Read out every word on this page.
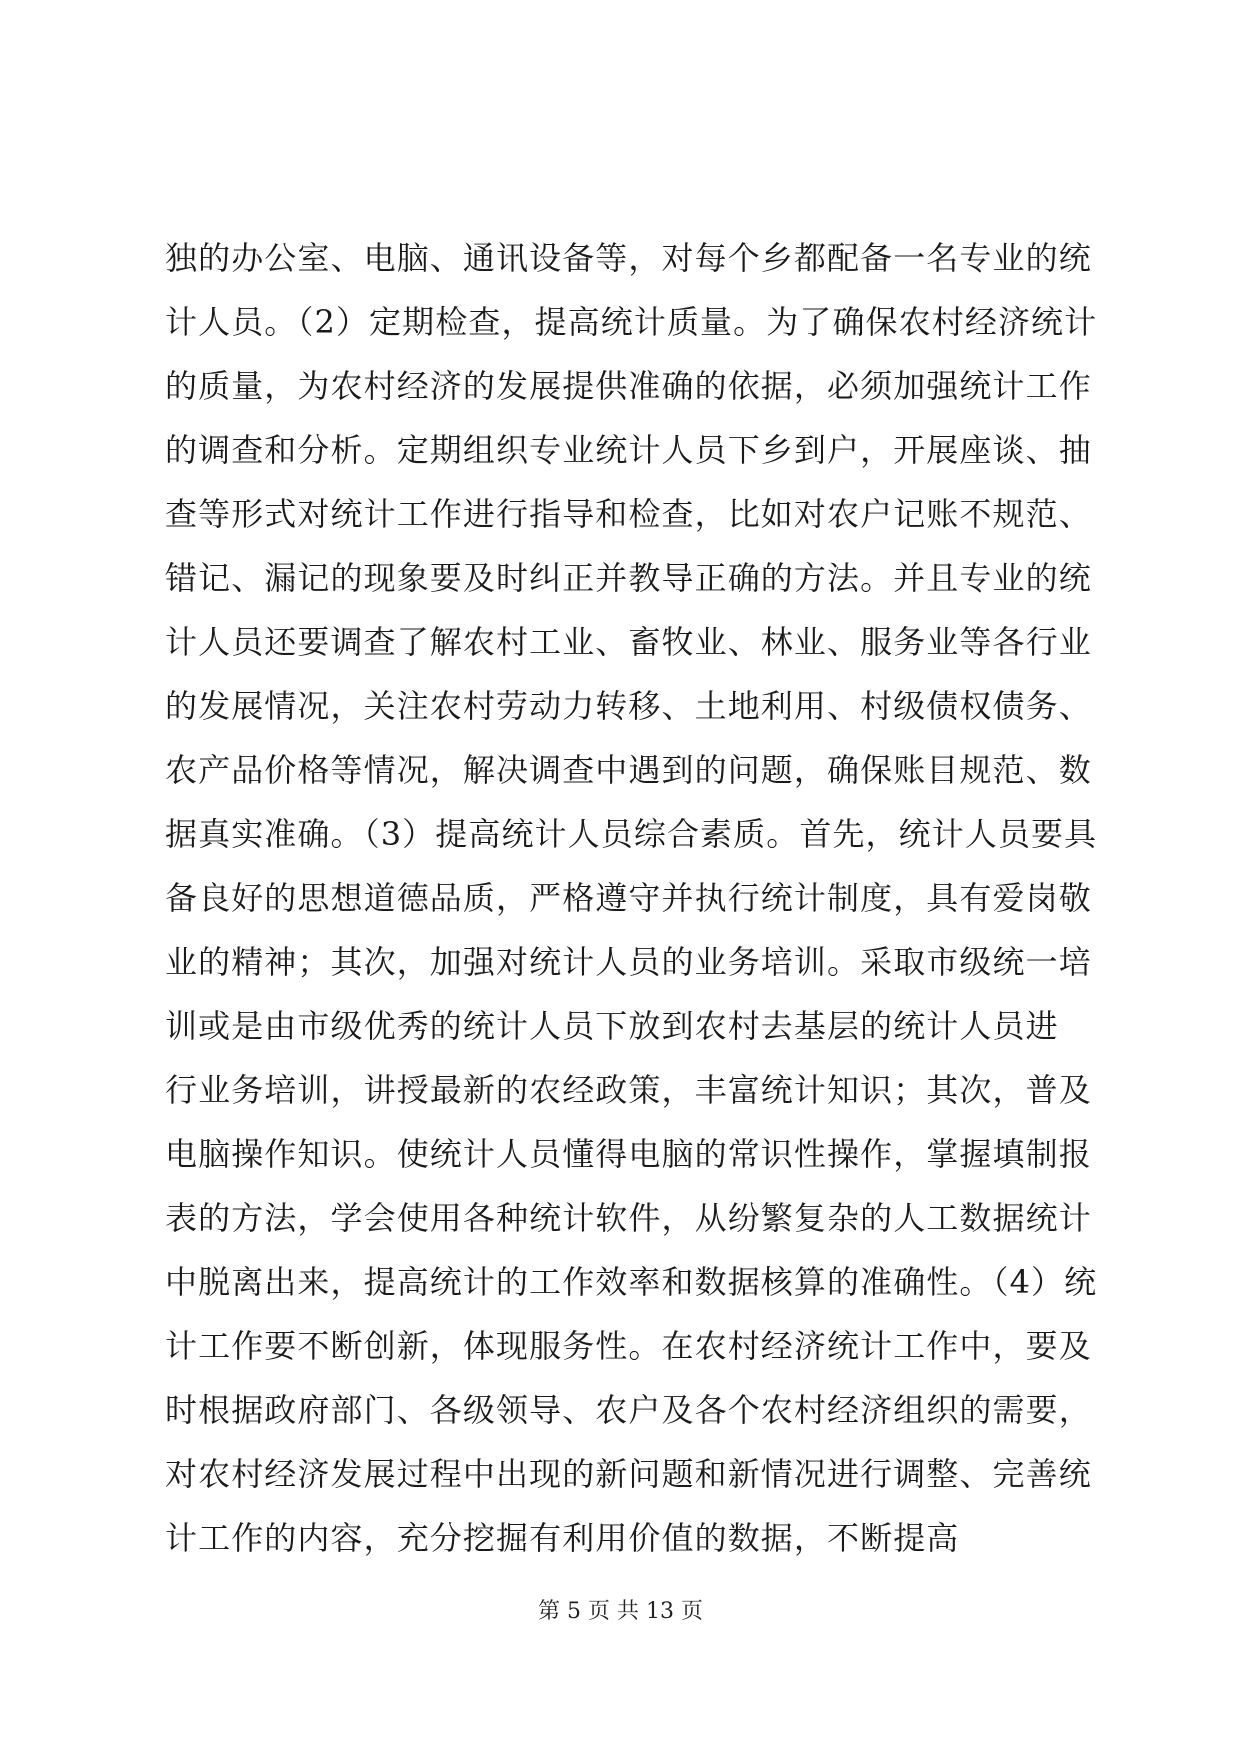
独的办公室、电脑、通讯设备等，对每个乡都配备一名专业的统
计人员。（2）定期检查，提高统计质量。为了确保农村经济统计
的质量，为农村经济的发展提供准确的依据，必须加强统计工作
的调查和分析。定期组织专业统计人员下乡到户，开展座谈、抽
查等形式对统计工作进行指导和检查，比如对农户记账不规范、
错记、漏记的现象要及时纠正并教导正确的方法。并且专业的统
计人员还要调查了解农村工业、畜牧业、林业、服务业等各行业
的发展情况，关注农村劳动力转移、土地利用、村级债权债务、
农产品价格等情况，解决调查中遇到的问题，确保账目规范、数
据真实准确。（3）提高统计人员综合素质。首先，统计人员要具
备良好的思想道德品质，严格遵守并执行统计制度，具有爱岗敬
业的精神；其次，加强对统计人员的业务培训。采取市级统一培
训或是由市级优秀的统计人员下放到农村去基层的统计人员进
行业务培训，讲授最新的农经政策，丰富统计知识；其次，普及
电脑操作知识。使统计人员懂得电脑的常识性操作，掌握填制报
表的方法，学会使用各种统计软件，从纷繁复杂的人工数据统计
中脱离出来，提高统计的工作效率和数据核算的准确性。（4）统
计工作要不断创新，体现服务性。在农村经济统计工作中，要及
时根据政府部门、各级领导、农户及各个农村经济组织的需要，
对农村经济发展过程中出现的新问题和新情况进行调整、完善统
计工作的内容，充分挖掘有利用价值的数据，不断提高
第 5 页 共 13 页
